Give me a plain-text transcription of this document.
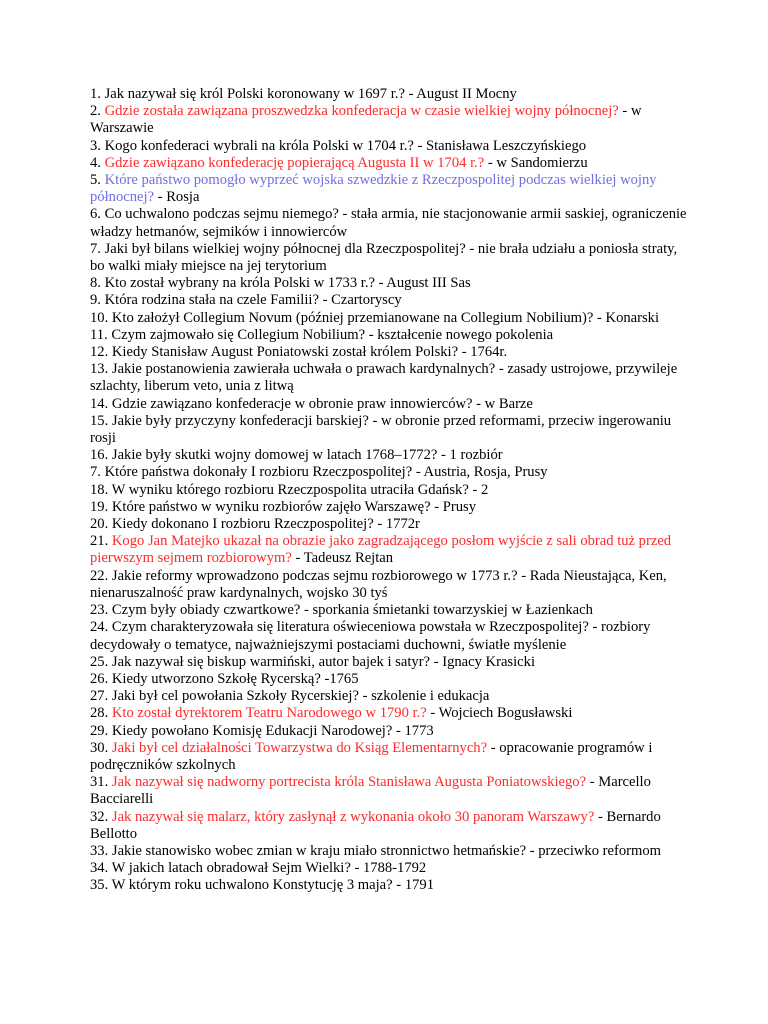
1. Jak nazywał się król Polski koronowany w 1697 r.? - August II Mocny

2. Gdzie została zawiązana proszwedzka konfederacja w czasie wielkiej wojny północnej? - w Warszawie

3. Kogo konfederaci wybrali na króla Polski w 1704 r.? - Stanisława Leszczyńskiego

4. Gdzie zawiązano konfederację popierającą Augusta II w 1704 r.? - w Sandomierzu

5. Które państwo pomogło wyprzeć wojska szwedzkie z Rzeczpospolitej podczas wielkiej wojny północnej? - Rosja

6. Co uchwalono podczas sejmu niemego? - stała armia, nie stacjonowanie armii saskiej, ograniczenie władzy hetmanów, sejmików i innowierców

7. Jaki był bilans wielkiej wojny północnej dla Rzeczpospolitej? - nie brała udziału a poniosła straty, bo walki miały miejsce na jej terytorium

8. Kto został wybrany na króla Polski w 1733 r.? - August III Sas

9. Która rodzina stała na czele Familii? - Czartoryscy

10. Kto założył Collegium Novum (później przemianowane na Collegium Nobilium)? - Konarski

11. Czym zajmowało się Collegium Nobilium? - kształcenie nowego pokolenia

12. Kiedy Stanisław August Poniatowski został królem Polski? - 1764r.

13. Jakie postanowienia zawierała uchwała o prawach kardynalnych? - zasady ustrojowe, przywileje szlachty, liberum veto, unia z litwą

14. Gdzie zawiązano konfederacje w obronie praw innowierców? - w Barze

15. Jakie były przyczyny konfederacji barskiej? - w obronie przed reformami, przeciw ingerowaniu rosji

16. Jakie były skutki wojny domowej w latach 1768–1772? - 1 rozbiór

7. Które państwa dokonały I rozbioru Rzeczpospolitej? - Austria, Rosja, Prusy

18. W wyniku którego rozbioru Rzeczpospolita utraciła Gdańsk? - 2

19. Które państwo w wyniku rozbiorów zajęło Warszawę? - Prusy

20. Kiedy dokonano I rozbioru Rzeczpospolitej? - 1772r

21. Kogo Jan Matejko ukazał na obrazie jako zagradzającego posłom wyjście z sali obrad tuż przed pierwszym sejmem rozbiorowym? - Tadeusz Rejtan

22. Jakie reformy wprowadzono podczas sejmu rozbiorowego w 1773 r.? - Rada Nieustająca, Ken, nienaruszalność praw kardynalnych, wojsko 30 tyś

23. Czym były obiady czwartkowe? - sporkania śmietanki towarzyskiej w Łazienkach

24. Czym charakteryzowała się literatura oświeceniowa powstała w Rzeczpospolitej? - rozbiory decydowały o tematyce, najważniejszymi postaciami duchowni, światłe myślenie

25. Jak nazywał się biskup warmiński, autor bajek i satyr? - Ignacy Krasicki

26. Kiedy utworzono Szkołę Rycerską? -1765

27. Jaki był cel powołania Szkoły Rycerskiej? - szkolenie i edukacja

28. Kto został dyrektorem Teatru Narodowego w 1790 r.? - Wojciech Bogusławski

29. Kiedy powołano Komisję Edukacji Narodowej? - 1773

30. Jaki był cel działalności Towarzystwa do Ksiąg Elementarnych? - opracowanie programów i podręczników szkolnych

31. Jak nazywał się nadworny portrecista króla Stanisława Augusta Poniatowskiego? - Marcello Bacciarelli

32. Jak nazywał się malarz, który zasłynął z wykonania około 30 panoram Warszawy? - Bernardo Bellotto

33. Jakie stanowisko wobec zmian w kraju miało stronnictwo hetmańskie? - przeciwko reformom

34. W jakich latach obradował Sejm Wielki? - 1788-1792

35. W którym roku uchwalono Konstytucję 3 maja? - 1791
